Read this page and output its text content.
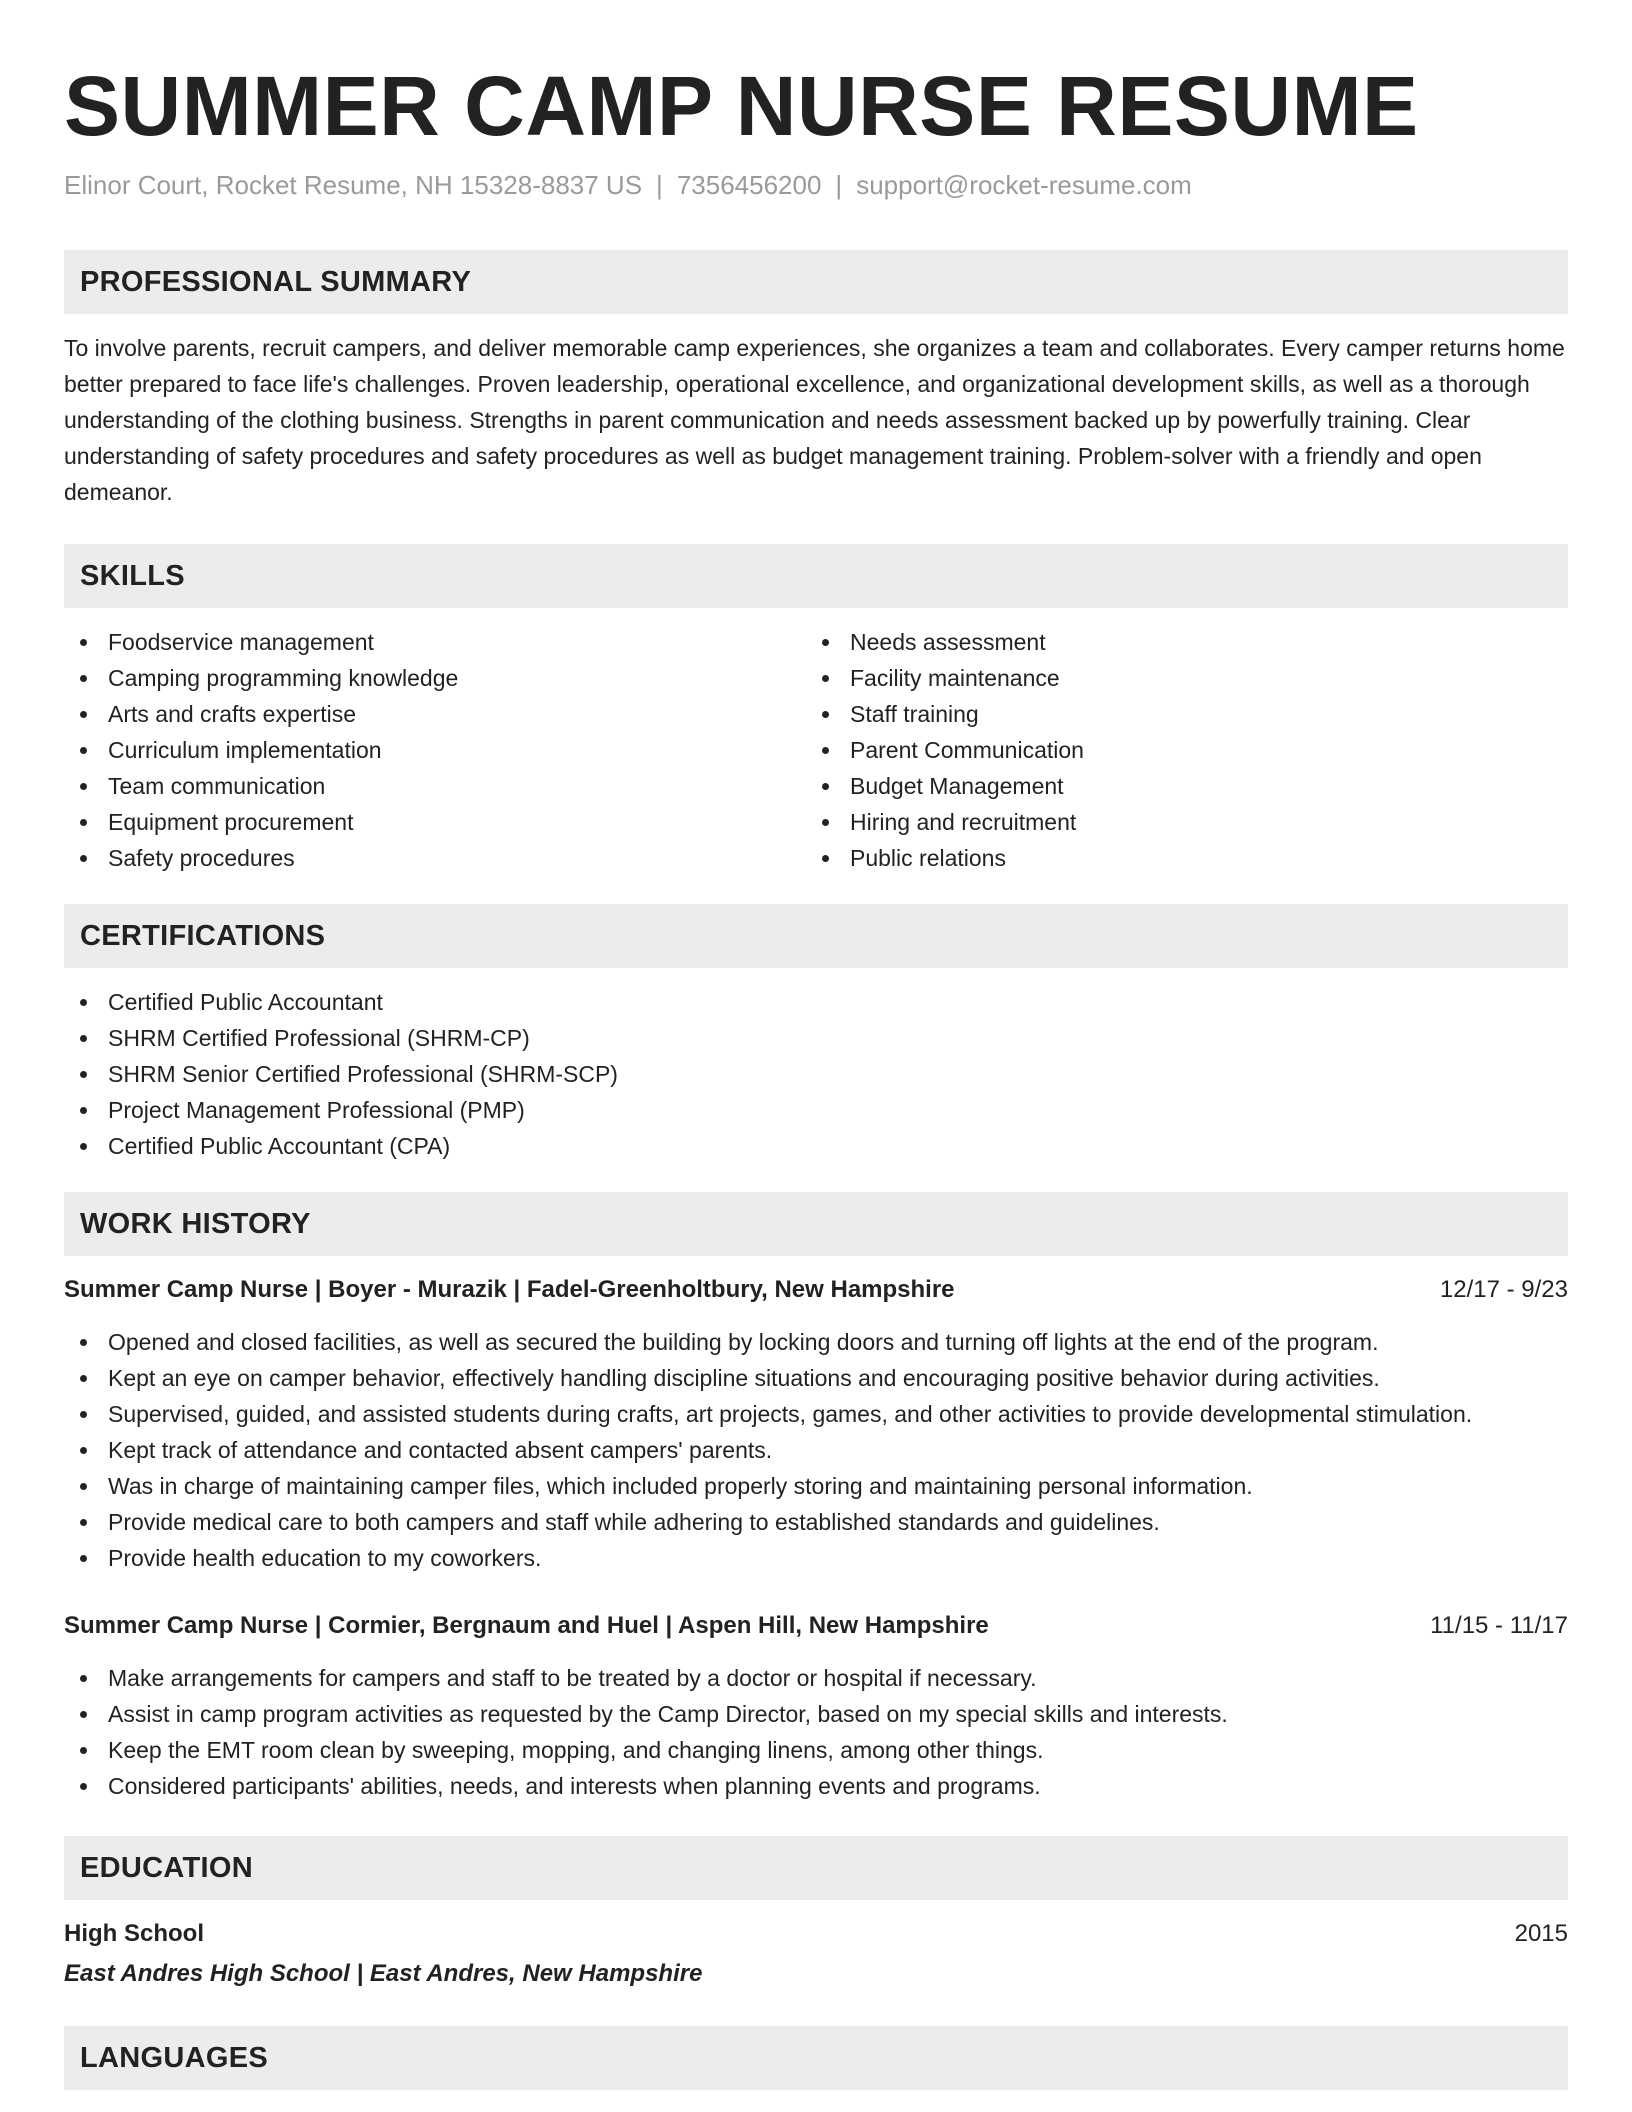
SUMMER CAMP NURSE RESUME
Elinor Court, Rocket Resume, NH 15328-8837 US | 7356456200 | support@rocket-resume.com
PROFESSIONAL SUMMARY

To involve parents, recruit campers, and deliver memorable camp experiences, she organizes a team and collaborates. Every camper returns home better prepared to face life's challenges. Proven leadership, operational excellence, and organizational development skills, as well as a thorough understanding of the clothing business. Strengths in parent communication and needs assessment backed up by powerfully training. Clear understanding of safety procedures and safety procedures as well as budget management training. Problem-solver with a friendly and open demeanor.

SKILLS
Foodservice management
Camping programming knowledge
Arts and crafts expertise
Curriculum implementation
Team communication
Equipment procurement
Safety procedures
Needs assessment
Facility maintenance
Staff training
Parent Communication
Budget Management
Hiring and recruitment
Public relations
CERTIFICATIONS
Certified Public Accountant
SHRM Certified Professional (SHRM-CP)
SHRM Senior Certified Professional (SHRM-SCP)
Project Management Professional (PMP)
Certified Public Accountant (CPA)
WORK HISTORY
Summer Camp Nurse | Boyer - Murazik | Fadel-Greenholtbury, New Hampshire	12/17 - 9/23
Opened and closed facilities, as well as secured the building by locking doors and turning off lights at the end of the program.
Kept an eye on camper behavior, effectively handling discipline situations and encouraging positive behavior during activities.
Supervised, guided, and assisted students during crafts, art projects, games, and other activities to provide developmental stimulation.
Kept track of attendance and contacted absent campers' parents.
Was in charge of maintaining camper files, which included properly storing and maintaining personal information.
Provide medical care to both campers and staff while adhering to established standards and guidelines.
Provide health education to my coworkers.
Summer Camp Nurse | Cormier, Bergnaum and Huel | Aspen Hill, New Hampshire	11/15 - 11/17
Make arrangements for campers and staff to be treated by a doctor or hospital if necessary.
Assist in camp program activities as requested by the Camp Director, based on my special skills and interests.
Keep the EMT room clean by sweeping, mopping, and changing linens, among other things.
Considered participants' abilities, needs, and interests when planning events and programs.
EDUCATION
High School	2015
East Andres High School | East Andres, New Hampshire
LANGUAGES
